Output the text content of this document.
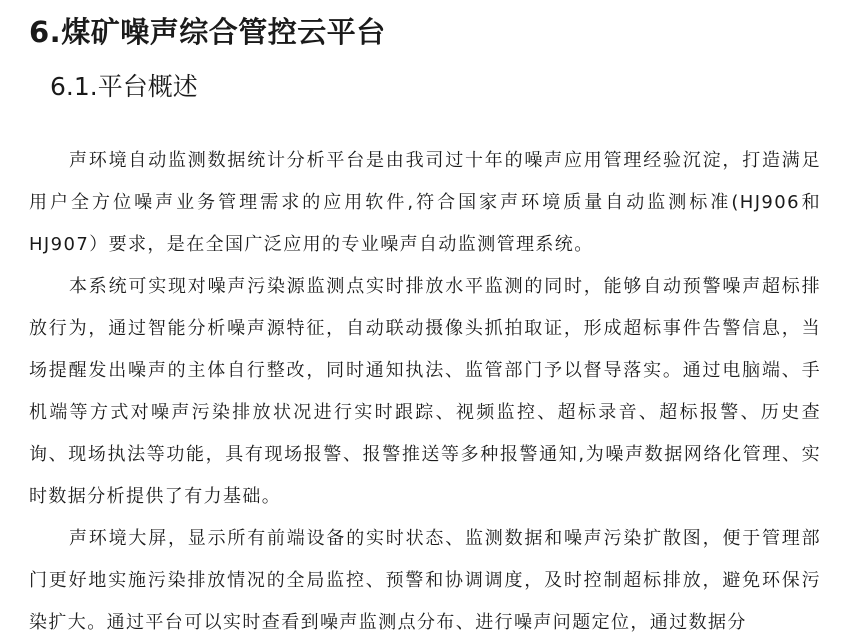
6.煤矿噪声综合管控云平台
6.1.平台概述

声环境自动监测数据统计分析平台是由我司过十年的噪声应用管理经验沉淀，打造满足用户全方位噪声业务管理需求的应用软件,符合国家声环境质量自动监测标准(HJ906和 HJ907）要求，是在全国广泛应用的专业噪声自动监测管理系统。

本系统可实现对噪声污染源监测点实时排放水平监测的同时，能够自动预警噪声超标排放行为，通过智能分析噪声源特征，自动联动摄像头抓拍取证，形成超标事件告警信息，当场提醒发出噪声的主体自行整改，同时通知执法、监管部门予以督导落实。通过电脑端、手机端等方式对噪声污染排放状况进行实时跟踪、视频监控、超标录音、超标报警、历史查询、现场执法等功能，具有现场报警、报警推送等多种报警通知,为噪声数据网络化管理、实时数据分析提供了有力基础。

声环境大屏，显示所有前端设备的实时状态、监测数据和噪声污染扩散图，便于管理部门更好地实施污染排放情况的全局监控、预警和协调调度，及时控制超标排放，避免环保污染扩大。通过平台可以实时查看到噪声监测点分布、进行噪声问题定位，通过数据分
